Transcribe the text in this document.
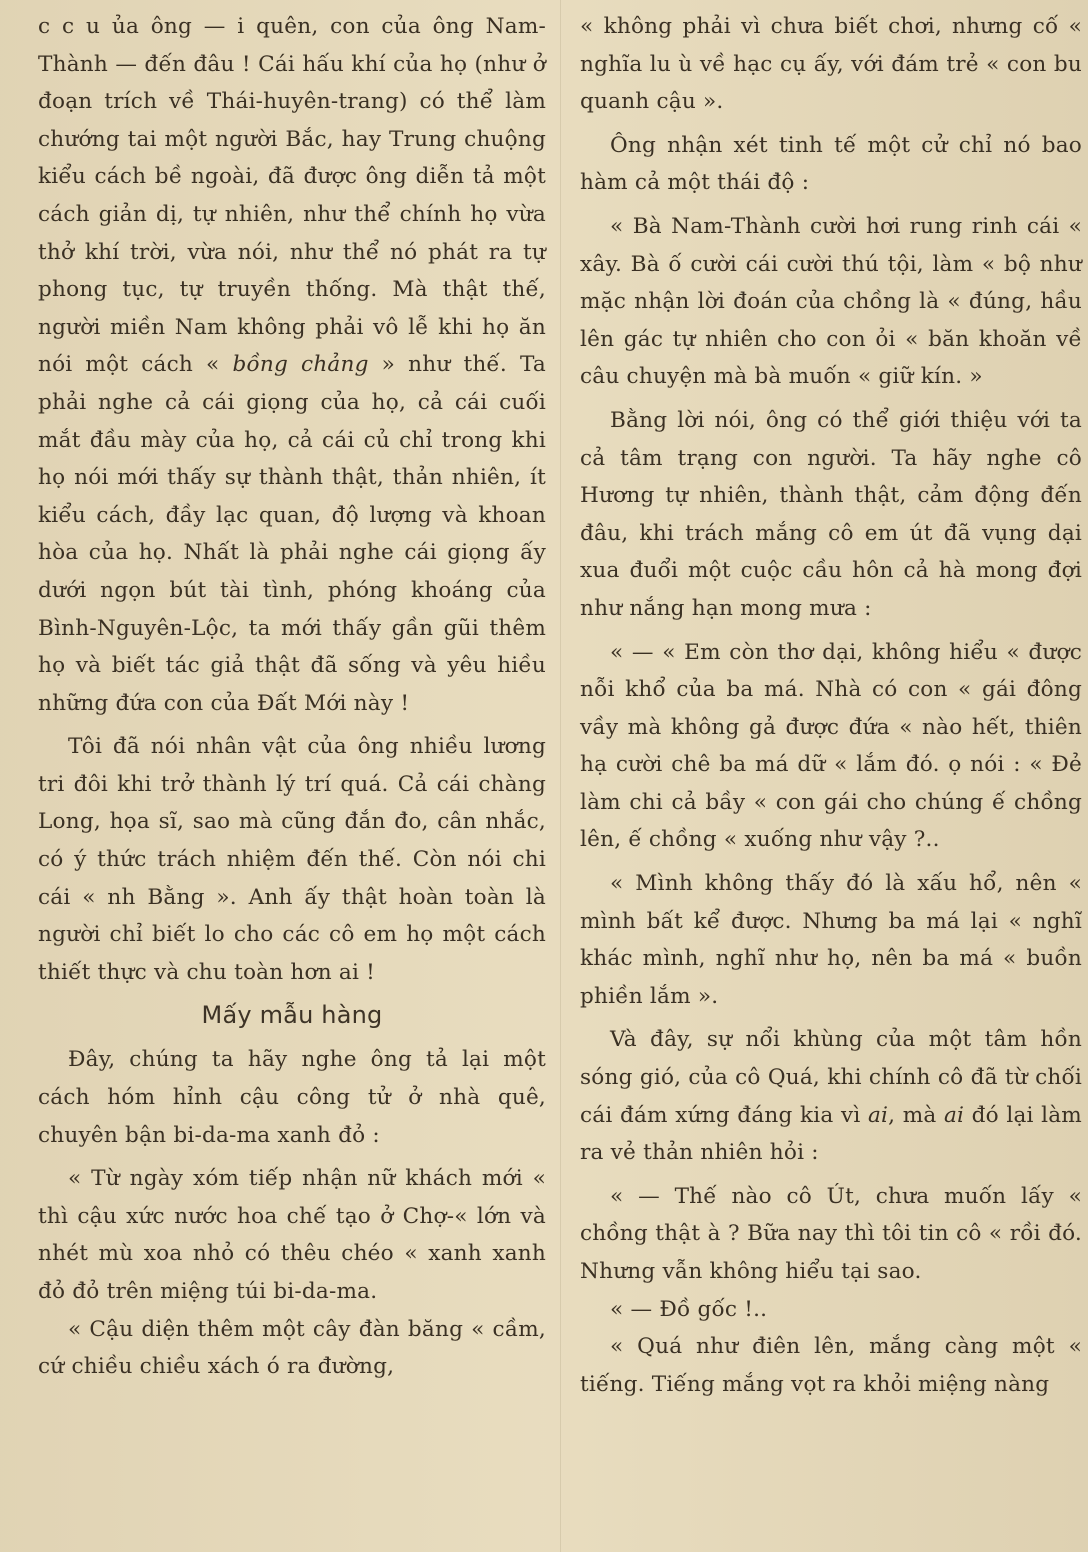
c c u ủa ông — i quên, con của ông Nam-Thành — đến đâu ! Cái hấu khí của họ (như ở đoạn trích về Thái-huyên-trang) có thể làm chướng tai một người Bắc, hay Trung chuộng kiểu cách bề ngoài, đã được ông diễn tả một cách giản dị, tự nhiên, như thể chính họ vừa thở khí trời, vừa nói, như thể nó phát ra tự phong tục, tự truyền thống. Mà thật thế, người miền Nam không phải vô lễ khi họ ăn nói một cách « bồng chảng » như thế. Ta phải nghe cả cái giọng của họ, cả cái cuối mắt đầu mày của họ, cả cái củ chỉ trong khi họ nói mới thấy sự thành thật, thản nhiên, ít kiểu cách, đầy lạc quan, độ lượng và khoan hòa của họ. Nhất là phải nghe cái giọng ấy dưới ngọn bút tài tình, phóng khoáng của Bình-Nguyên-Lộc, ta mới thấy gần gũi thêm họ và biết tác giả thật đã sống và yêu hiều những đứa con của Đất Mới này !

Tôi đã nói nhân vật của ông nhiều lương tri đôi khi trở thành lý trí quá. Cả cái chàng Long, họa sĩ, sao mà cũng đắn đo, cân nhắc, có ý thức trách nhiệm đến thế. Còn nói chi cái « nh Bằng ». Anh ấy thật hoàn toàn là người chỉ biết lo cho các cô em họ một cách thiết thực và chu toàn hơn ai !

Mấy mẫu hàng

Đây, chúng ta hãy nghe ông tả lại một cách hóm hỉnh cậu công tử ở nhà quê, chuyên bận bi-da-ma xanh đỏ :

« Từ ngày xóm tiếp nhận nữ khách mới « thì cậu xức nước hoa chế tạo ở Chợ-« lớn và nhét mù xoa nhỏ có thêu chéo « xanh xanh đỏ đỏ trên miệng túi bi-da-ma.

« Cậu diện thêm một cây đàn băng « cầm, cứ chiều chiều xách ó ra đường,

« không phải vì chưa biết chơi, nhưng cố « nghĩa lu ù về hạc cụ ấy, với đám trẻ « con bu quanh cậu ».

Ông nhận xét tinh tế một cử chỉ nó bao hàm cả một thái độ :

« Bà Nam-Thành cười hơi rung rinh cái « xây. Bà ố cười cái cười thú tội, làm « bộ như mặc nhận lời đoán của chồng là « đúng, hầu lên gác tự nhiên cho con ỏi « băn khoăn về câu chuyện mà bà muốn « giữ kín. »

Bằng lời nói, ông có thể giới thiệu với ta cả tâm trạng con người. Ta hãy nghe cô Hương tự nhiên, thành thật, cảm động đến đâu, khi trách mắng cô em út đã vụng dại xua đuổi một cuộc cầu hôn cả hà mong đợi như nắng hạn mong mưa :

« — « Em còn thơ dại, không hiểu « được nỗi khổ của ba má. Nhà có con « gái đông vầy mà không gả được đứa « nào hết, thiên hạ cười chê ba má dữ « lắm đó. ọ nói : « Đẻ làm chi cả bầy « con gái cho chúng ế chồng lên, ế chồng « xuống như vậy ?..

« Mình không thấy đó là xấu hổ, nên « mình bất kể được. Nhưng ba má lại « nghĩ khác mình, nghĩ như họ, nên ba má « buồn phiền lắm ».

Và đây, sự nổi khùng của một tâm hồn sóng gió, của cô Quá, khi chính cô đã từ chối cái đám xứng đáng kia vì ai, mà ai đó lại làm ra vẻ thản nhiên hỏi :

« — Thế nào cô Út, chưa muốn lấy « chồng thật à ? Bữa nay thì tôi tin cô « rồi đó. Nhưng vẫn không hiểu tại sao.

« — Đồ gốc !..

« Quá như điên lên, mắng càng một « tiếng. Tiếng mắng vọt ra khỏi miệng nàng
